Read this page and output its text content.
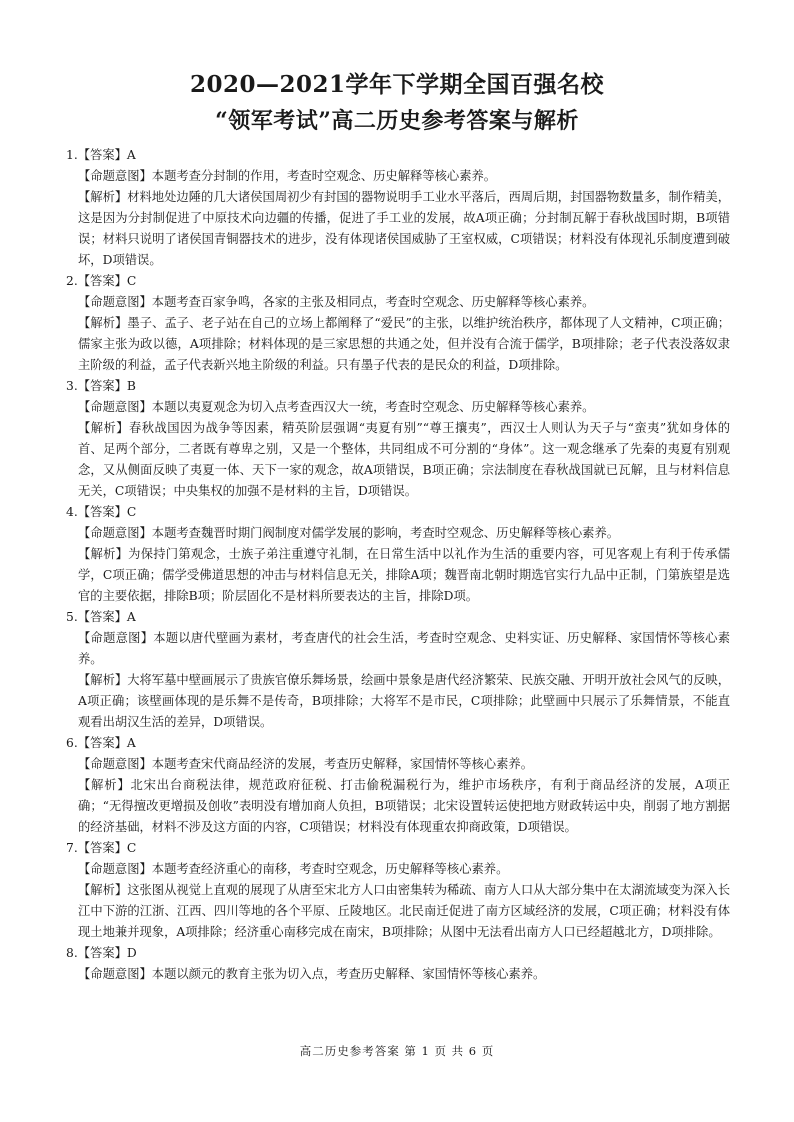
2020—2021学年下学期全国百强名校
“领军考试”高二历史参考答案与解析
1.【答案】A
【命题意图】本题考查分封制的作用，考查时空观念、历史解释等核心素养。
【解析】材料地处边陲的几大诸侯国周初少有封国的器物说明手工业水平落后，西周后期，封国器物数量多，制作精美，这是因为分封制促进了中原技术向边疆的传播，促进了手工业的发展，故A项正确；分封制瓦解于春秋战国时期，B项错误；材料只说明了诸侯国青铜器技术的进步，没有体现诸侯国威胁了王室权威，C项错误；材料没有体现礼乐制度遭到破坏，D项错误。
2.【答案】C
【命题意图】本题考查百家争鸣，各家的主张及相同点，考查时空观念、历史解释等核心素养。
【解析】墨子、孟子、老子站在自己的立场上都阐释了“爱民”的主张，以维护统治秩序，都体现了人文精神，C项正确；儒家主张为政以德，A项排除；材料体现的是三家思想的共通之处，但并没有合流于儒学，B项排除；老子代表没落奴隶主阶级的利益，孟子代表新兴地主阶级的利益。只有墨子代表的是民众的利益，D项排除。
3.【答案】B
【命题意图】本题以夷夏观念为切入点考查西汉大一统，考查时空观念、历史解释等核心素养。
【解析】春秋战国因为战争等因素，精英阶层强调“夷夏有别”“尊王攘夷”，西汉士人则认为天子与“蛮夷”犹如身体的首、足两个部分，二者既有尊卑之别，又是一个整体，共同组成不可分割的“身体”。这一观念继承了先秦的夷夏有别观念，又从侧面反映了夷夏一体、天下一家的观念，故A项错误，B项正确；宗法制度在春秋战国就已瓦解，且与材料信息无关，C项错误；中央集权的加强不是材料的主旨，D项错误。
4.【答案】C
【命题意图】本题考查魏晋时期门阀制度对儒学发展的影响，考查时空观念、历史解释等核心素养。
【解析】为保持门第观念，士族子弟注重遵守礼制，在日常生活中以礼作为生活的重要内容，可见客观上有利于传承儒学，C项正确；儒学受佛道思想的冲击与材料信息无关，排除A项；魏晋南北朝时期选官实行九品中正制，门第族望是选官的主要依据，排除B项；阶层固化不是材料所要表达的主旨，排除D项。
5.【答案】A
【命题意图】本题以唐代壁画为素材，考查唐代的社会生活，考查时空观念、史料实证、历史解释、家国情怀等核心素养。
【解析】大将军墓中壁画展示了贵族官僚乐舞场景，绘画中景象是唐代经济繁荣、民族交融、开明开放社会风气的反映，A项正确；该壁画体现的是乐舞不是传奇，B项排除；大将军不是市民，C项排除；此壁画中只展示了乐舞情景，不能直观看出胡汉生活的差异，D项错误。
6.【答案】A
【命题意图】本题考查宋代商品经济的发展，考查历史解释，家国情怀等核心素养。
【解析】北宋出台商税法律，规范政府征税、打击偷税漏税行为，维护市场秩序，有利于商品经济的发展，A项正确；“无得擅改更增损及创收”表明没有增加商人负担，B项错误；北宋设置转运使把地方财政转运中央，削弱了地方割据的经济基础，材料不涉及这方面的内容，C项错误；材料没有体现重农抑商政策，D项错误。
7.【答案】C
【命题意图】本题考查经济重心的南移，考查时空观念，历史解释等核心素养。
【解析】这张图从视觉上直观的展现了从唐至宋北方人口由密集转为稀疏、南方人口从大部分集中在太湖流域变为深入长江中下游的江浙、江西、四川等地的各个平原、丘陵地区。北民南迁促进了南方区域经济的发展，C项正确；材料没有体现土地兼并现象，A项排除；经济重心南移完成在南宋，B项排除；从图中无法看出南方人口已经超越北方，D项排除。
8.【答案】D
【命题意图】本题以颜元的教育主张为切入点，考查历史解释、家国情怀等核心素养。
高二历史参考答案 第 1 页 共 6 页
